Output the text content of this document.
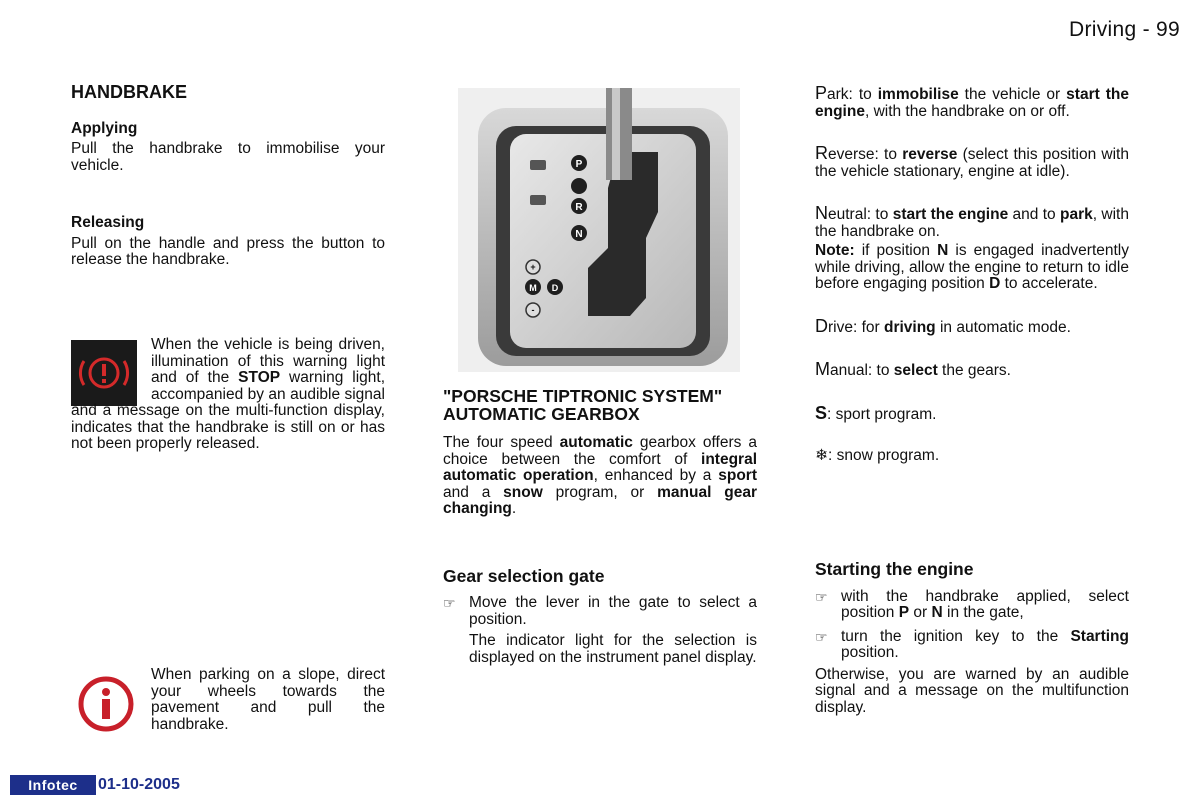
Driving - 99
HANDBRAKE
Applying

Pull the handbrake to immobilise your vehicle.

Releasing

Pull on the handle and press the button to release the handbrake.

When the vehicle is being driven, illumination of this warning light and of the STOP warning light, accompanied by an audible signal and a message on the multi-function display, indicates that the handbrake is still on or has not been properly released.

When parking on a slope, direct your wheels towards the pavement and pull the handbrake.

P
R
N
+
M D
-
"PORSCHE TIPTRONIC SYSTEM" AUTOMATIC GEARBOX

The four speed automatic gearbox offers a choice between the comfort of integral automatic operation, enhanced by a sport and a snow program, or manual gear changing.

Gear selection gate
☞ Move the lever in the gate to select a position.

The indicator light for the selection is displayed on the instrument panel display.

Park: to immobilise the vehicle or start the engine, with the handbrake on or off.

Reverse: to reverse (select this position with the vehicle stationary, engine at idle).

Neutral: to start the engine and to park, with the handbrake on.

Note: if position N is engaged inadvertently while driving, allow the engine to return to idle before engaging position D to accelerate.

Drive: for driving in automatic mode.

Manual: to select the gears.

S: sport program.

❄: snow program.

Starting the engine
☞ with the handbrake applied, select position P or N in the gate,

☞ turn the ignition key to the Starting position.

Otherwise, you are warned by an audible signal and a message on the multifunction display.

Infotec	01-10-2005
